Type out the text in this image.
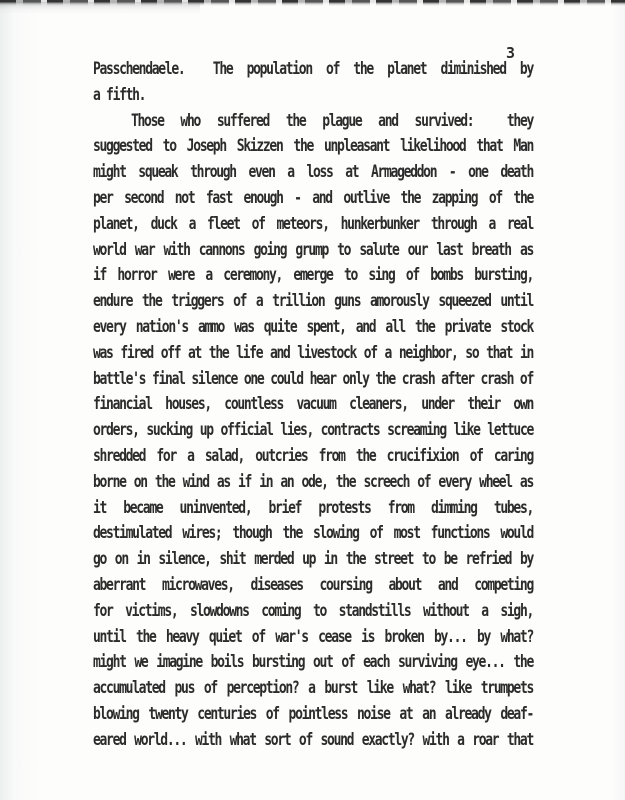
3
Passchendaele.  The population of the planet diminished by
a fifth.
Those who suffered the plague and survived:  they
suggested to Joseph Skizzen the unpleasant likelihood that Man
might squeak through even a loss at Armageddon - one death
per second not fast enough - and outlive the zapping of the
planet, duck a fleet of meteors, hunkerbunker through a real
world war with cannons going grump to salute our last breath as
if horror were a ceremony, emerge to sing of bombs bursting,
endure the triggers of a trillion guns amorously squeezed until
every nation's ammo was quite spent, and all the private stock
was fired off at the life and livestock of a neighbor, so that in
battle's final silence one could hear only the crash after crash of
financial houses, countless vacuum cleaners, under their own
orders, sucking up official lies, contracts screaming like lettuce
shredded for a salad, outcries from the crucifixion of caring
borne on the wind as if in an ode, the screech of every wheel as
it became uninvented, brief protests from dimming tubes,
destimulated wires; though the slowing of most functions would
go on in silence, shit merded up in the street to be refried by
aberrant microwaves, diseases coursing about and competing
for victims, slowdowns coming to standstills without a sigh,
until the heavy quiet of war's cease is broken by... by what?
might we imagine boils bursting out of each surviving eye... the
accumulated pus of perception? a burst like what? like trumpets
blowing twenty centuries of pointless noise at an already deaf-
eared world... with what sort of sound exactly? with a roar that
